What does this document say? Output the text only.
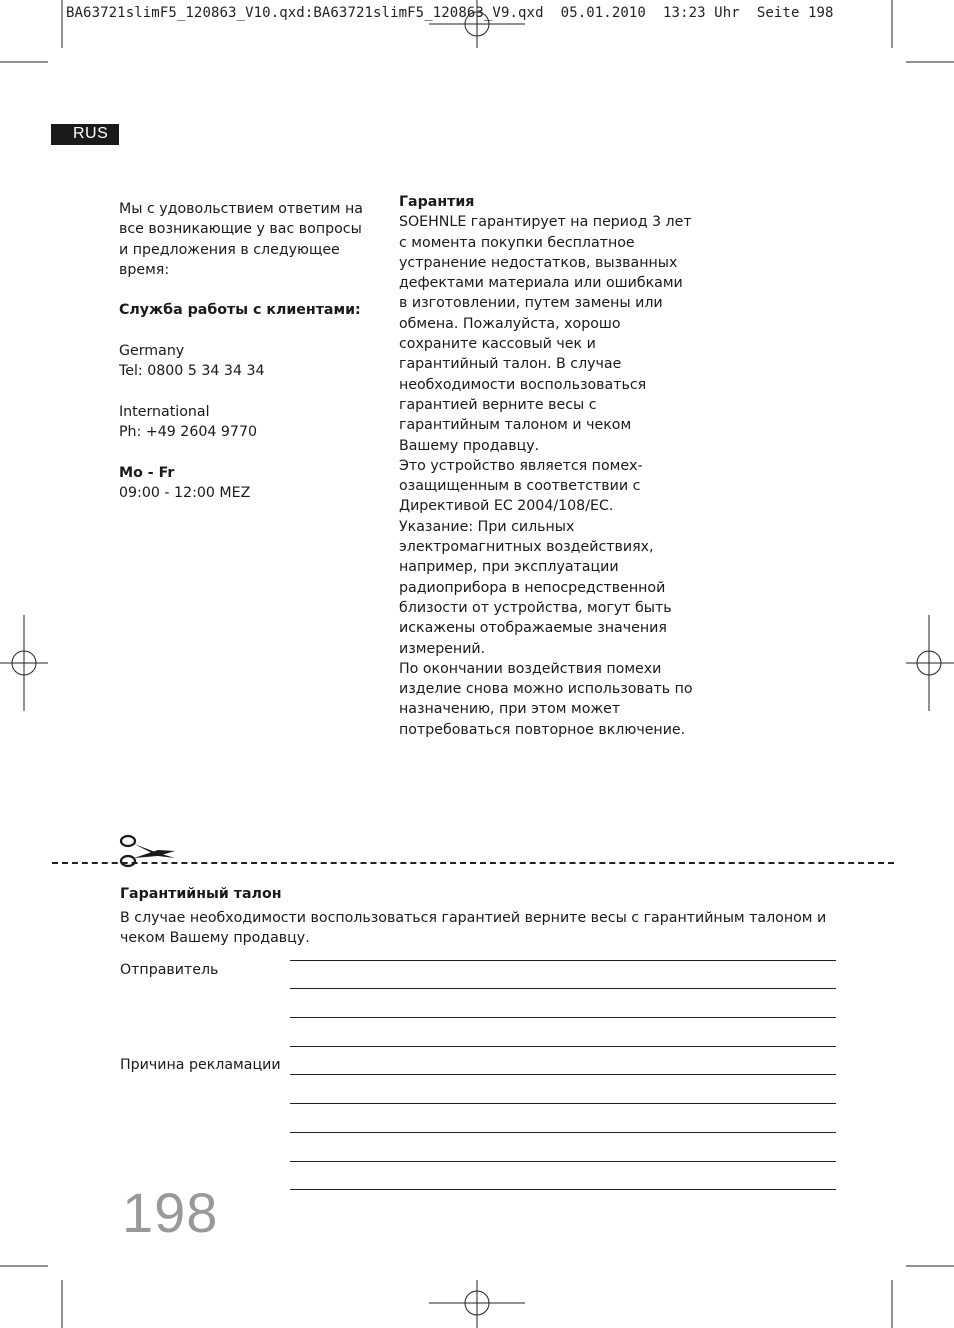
BA63721slimF5_120863_V10.qxd:BA63721slimF5_120863_V9.qxd  05.01.2010  13:23 Uhr  Seite 198
RUS

Мы с удовольствием ответим на

все возникающие у вас вопросы

и предложения в следующее

время:

Служба работы с клиентами:

Germany

Tel: 0800 5 34 34 34

International

Ph: +49 2604 9770

Mo - Fr

09:00 - 12:00 MEZ

Гарантия

SOEHNLE гарантирует на период 3 лет

с момента покупки бесплатное

устранение недостатков, вызванных

дефектами материала или ошибками

в изготовлении, путем замены или

обмена. Пожалуйста, хорошо

сохраните кассовый чек и

гарантийный талон. В случае

необходимости воспользоваться

гарантией верните весы с

гарантийным талоном и чеком

Вашему продавцу.

Это устройство является помех-

озащищенным в соответствии с

Директивой ЕС 2004/108/EC.

Указание: При сильных

электромагнитных воздействиях,

например, при эксплуатации

радиоприбора в непосредственной

близости от устройства, могут быть

искажены отображаемые значения

измерений.

По окончании воздействия помехи

изделие снова можно использовать по

назначению, при этом может

потребоваться повторное включение.

Гарантийный талон
В случае необходимости воспользоваться гарантией верните весы с гарантийным талоном и
чеком Вашему продавцу.
Отправитель
Причина рекламации
198
